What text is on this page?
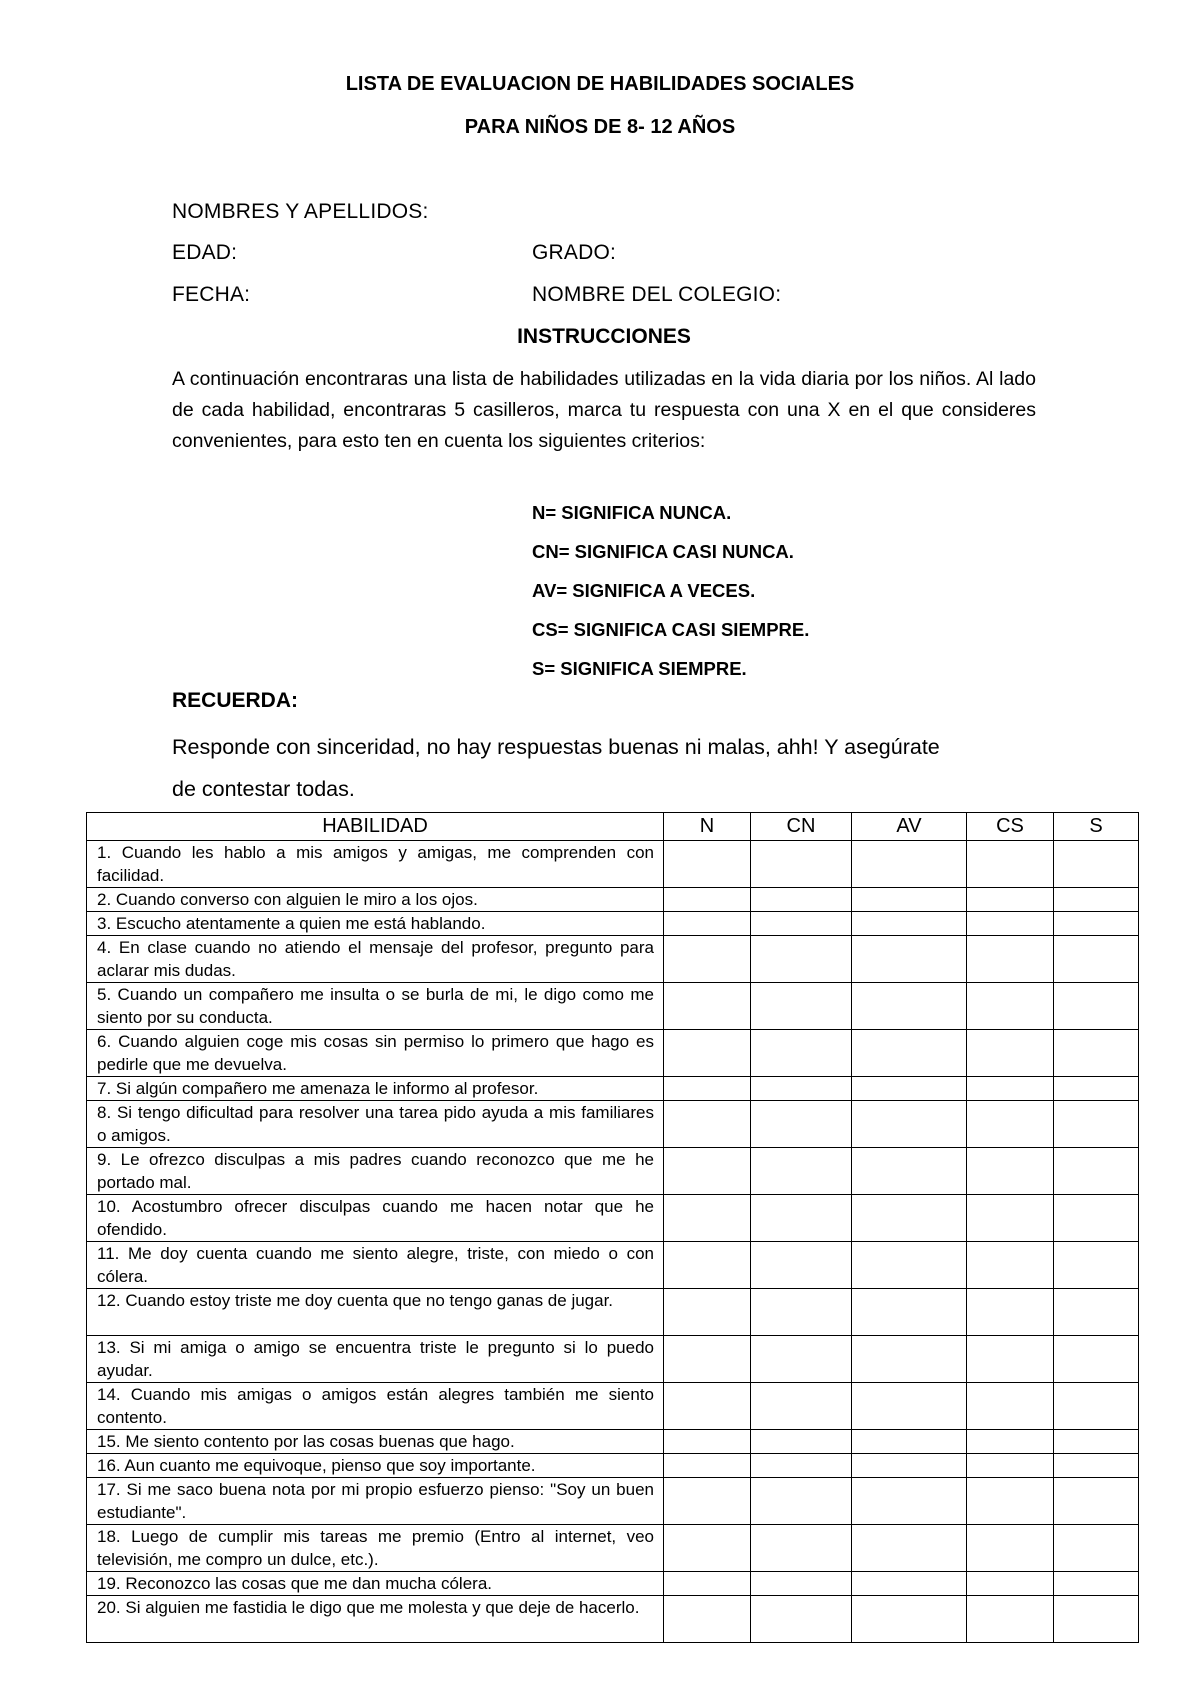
LISTA DE EVALUACION DE HABILIDADES SOCIALES
PARA NIÑOS DE 8- 12 AÑOS
NOMBRES Y APELLIDOS:
EDAD:	GRADO:
FECHA:	NOMBRE DEL COLEGIO:
INSTRUCCIONES
A continuación encontraras una lista de habilidades utilizadas en la vida diaria por los niños. Al lado de cada habilidad, encontraras 5 casilleros, marca tu respuesta con una X en el que consideres convenientes, para esto ten en cuenta los siguientes criterios:
N= SIGNIFICA NUNCA.
CN= SIGNIFICA CASI NUNCA.
AV= SIGNIFICA A VECES.
CS= SIGNIFICA CASI SIEMPRE.
S= SIGNIFICA SIEMPRE.
RECUERDA:
Responde con sinceridad, no hay respuestas buenas ni malas, ahh! Y asegúrate de contestar todas.
HABILIDAD	N	CN	AV	CS	S
1. Cuando les hablo a mis amigos y amigas, me comprenden con facilidad.					
2. Cuando converso con alguien le miro a los ojos.					
3. Escucho atentamente a quien me está hablando.					
4. En clase cuando no atiendo el mensaje del profesor, pregunto para aclarar mis dudas.					
5. Cuando un compañero me insulta o se burla de mi, le digo como me siento por su conducta.					
6. Cuando alguien coge mis cosas sin permiso lo primero que hago es pedirle que me devuelva.					
7. Si algún compañero me amenaza le informo al profesor.					
8. Si tengo dificultad para resolver una tarea pido ayuda a mis familiares o amigos.					
9. Le ofrezco disculpas a mis padres cuando reconozco que me he portado mal.					
10. Acostumbro ofrecer disculpas cuando me hacen notar que he ofendido.					
11. Me doy cuenta cuando me siento alegre, triste, con miedo o con cólera.					
12. Cuando estoy triste me doy cuenta que no tengo ganas de jugar.					
13. Si mi amiga o amigo se encuentra triste le pregunto si lo puedo ayudar.					
14. Cuando mis amigas o amigos están alegres también me siento contento.					
15. Me siento contento por las cosas buenas que hago.					
16. Aun cuanto me equivoque, pienso que soy importante.					
17. Si me saco buena nota por mi propio esfuerzo pienso: "Soy un buen estudiante".					
18. Luego de cumplir mis tareas me premio (Entro al internet, veo televisión, me compro un dulce, etc.).					
19. Reconozco las cosas que me dan mucha cólera.					
20. Si alguien me fastidia le digo que me molesta y que deje de hacerlo.					
